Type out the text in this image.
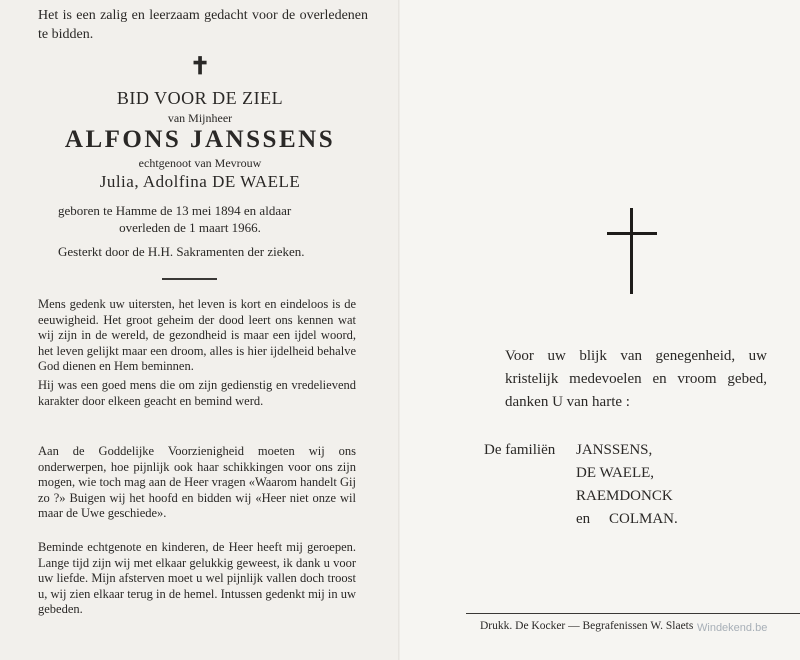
Het is een zalig en leerzaam gedacht voor de overledenen te bidden.

✝
BID VOOR DE ZIEL
van Mijnheer
ALFONS JANSSENS
echtgenoot van Mevrouw
Julia, Adolfina DE WAELE

geboren te Hamme de 13 mei 1894 en aldaar
overleden de 1 maart 1966.

Gesterkt door de H.H. Sakramenten der zieken.

Mens gedenk uw uitersten, het leven is kort en eindeloos is de eeuwigheid. Het groot geheim der dood leert ons kennen wat wij zijn in de wereld, de gezondheid is maar een ijdel woord, het leven gelijkt maar een droom, alles is hier ijdelheid behalve God dienen en Hem beminnen.

Hij was een goed mens die om zijn gedienstig en vredelievend karakter door elkeen geacht en bemind werd.

Aan de Goddelijke Voorzienigheid moeten wij ons onderwerpen, hoe pijnlijk ook haar schikkingen voor ons zijn mogen, wie toch mag aan de Heer vragen «Waarom handelt Gij zo ?» Buigen wij het hoofd en bidden wij «Heer niet onze wil maar de Uwe geschiede».

Beminde echtgenote en kinderen, de Heer heeft mij geroepen. Lange tijd zijn wij met elkaar gelukkig geweest, ik dank u voor uw liefde. Mijn afsterven moet u wel pijnlijk vallen doch troost u, wij zien elkaar terug in de hemel. Intussen gedenkt mij in uw gebeden.

Voor uw blijk van genegenheid, uw kristelijk medevoelen en vroom gebed, danken U van harte :

De familiën JANSSENS,
DE WAELE,
RAEMDONCK
en COLMAN.

Drukk. De Kocker — Begrafenissen W. Slaets Windekend.be
